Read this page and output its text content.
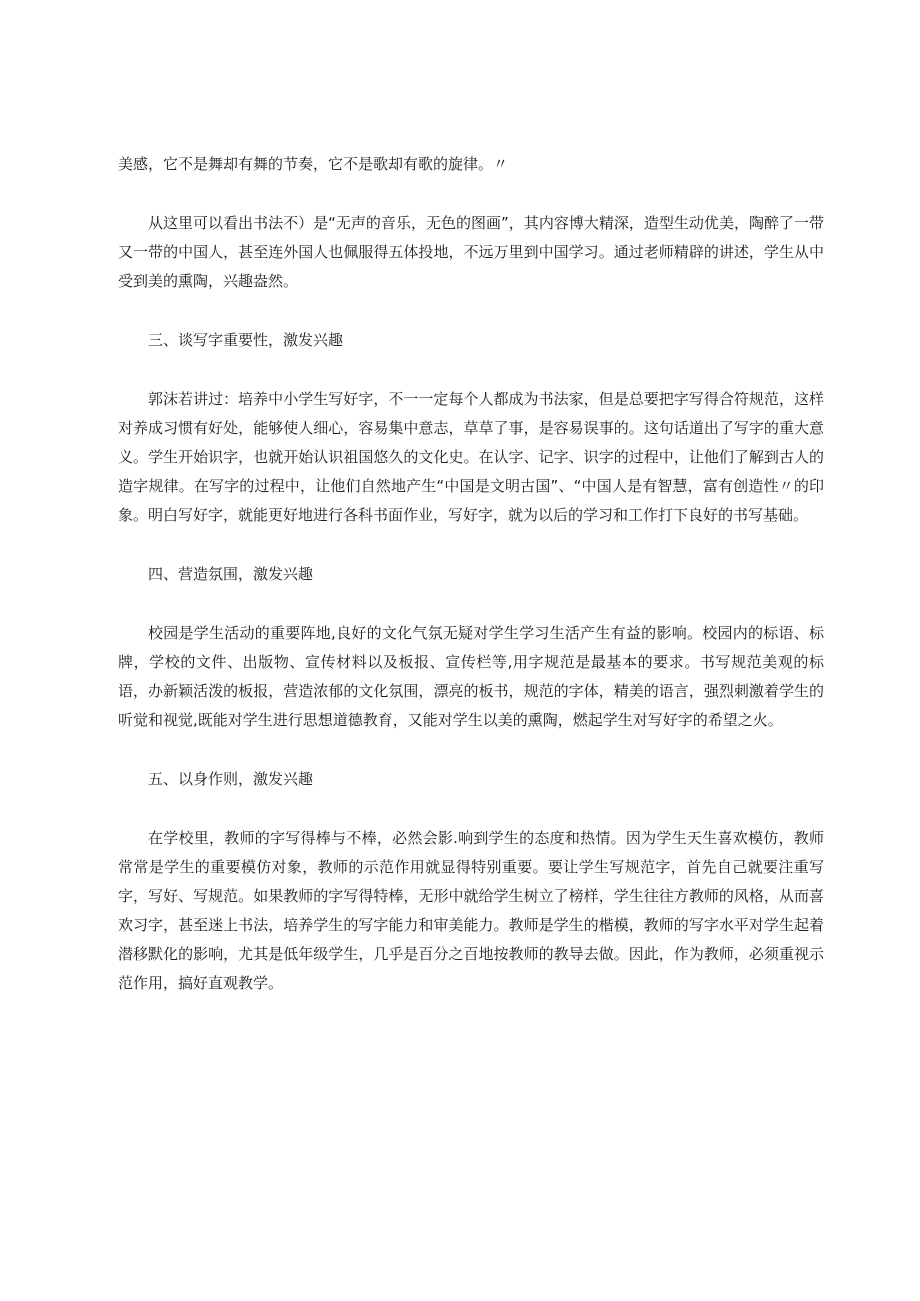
美感，它不是舞却有舞的节奏，它不是歌却有歌的旋律。〃

从这里可以看出书法不）是“无声的音乐，无色的图画”，其内容博大精深，造型生动优美，陶醉了一带又一带的中国人，甚至连外国人也佩服得五体投地，不远万里到中国学习。通过老师精辟的讲述，学生从中受到美的熏陶，兴趣盎然。

三、谈写字重要性，激发兴趣

郭沫若讲过：培养中小学生写好字，不一一定每个人都成为书法家，但是总要把字写得合符规范，这样对养成习惯有好处，能够使人细心，容易集中意志，草草了事，是容易误事的。这句话道出了写字的重大意义。学生开始识字，也就开始认识祖国悠久的文化史。在认字、记字、识字的过程中，让他们了解到古人的造字规律。在写字的过程中，让他们自然地产生“中国是文明古国”、“中国人是有智慧，富有创造性〃的印象。明白写好字，就能更好地进行各科书面作业，写好字，就为以后的学习和工作打下良好的书写基础。

四、营造氛围，激发兴趣

校园是学生活动的重要阵地,良好的文化气氛无疑对学生学习生活产生有益的影响。校园内的标语、标牌，学校的文件、出版物、宣传材料以及板报、宣传栏等,用字规范是最基本的要求。书写规范美观的标语，办新颖活泼的板报，营造浓郁的文化氛围，漂亮的板书，规范的字体，精美的语言，强烈刺激着学生的听觉和视觉,既能对学生进行思想道德教育，又能对学生以美的熏陶，燃起学生对写好字的希望之火。

五、以身作则，激发兴趣

在学校里，教师的字写得棒与不棒，必然会影.响到学生的态度和热情。因为学生天生喜欢模仿，教师常常是学生的重要模仿对象，教师的示范作用就显得特别重要。要让学生写规范字，首先自己就要注重写字，写好、写规范。如果教师的字写得特棒，无形中就给学生树立了榜样，学生往往方教师的风格，从而喜欢习字，甚至迷上书法，培养学生的写字能力和审美能力。教师是学生的楷模，教师的写字水平对学生起着潜移默化的影响，尤其是低年级学生，几乎是百分之百地按教师的教导去做。因此，作为教师，必须重视示范作用，搞好直观教学。
